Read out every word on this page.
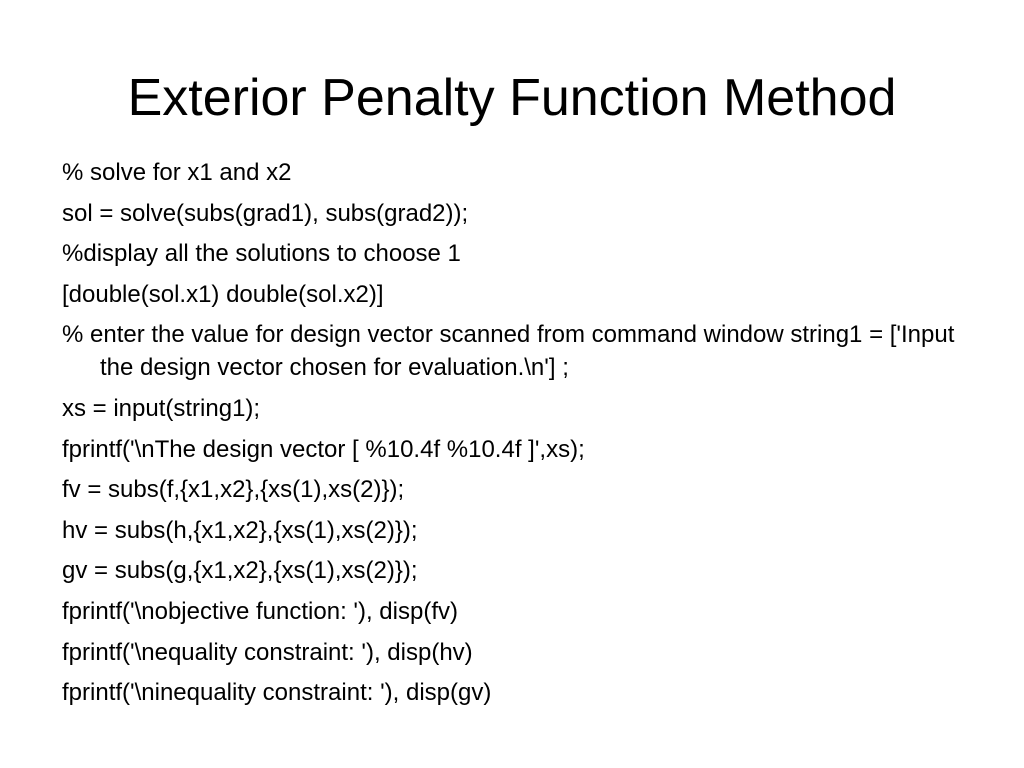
Exterior Penalty Function Method
% solve for x1 and x2
sol = solve(subs(grad1), subs(grad2));
%display all the solutions to choose 1
[double(sol.x1) double(sol.x2)]
% enter the value for design vector scanned from command window string1 = ['Input the design vector chosen for evaluation.\n'] ;
xs = input(string1);
fprintf('\nThe design vector [ %10.4f %10.4f ]',xs);
fv = subs(f,{x1,x2},{xs(1),xs(2)});
hv = subs(h,{x1,x2},{xs(1),xs(2)});
gv = subs(g,{x1,x2},{xs(1),xs(2)});
fprintf('\nobjective function: '), disp(fv)
fprintf('\nequality constraint: '), disp(hv)
fprintf('\ninequality constraint: '), disp(gv)
